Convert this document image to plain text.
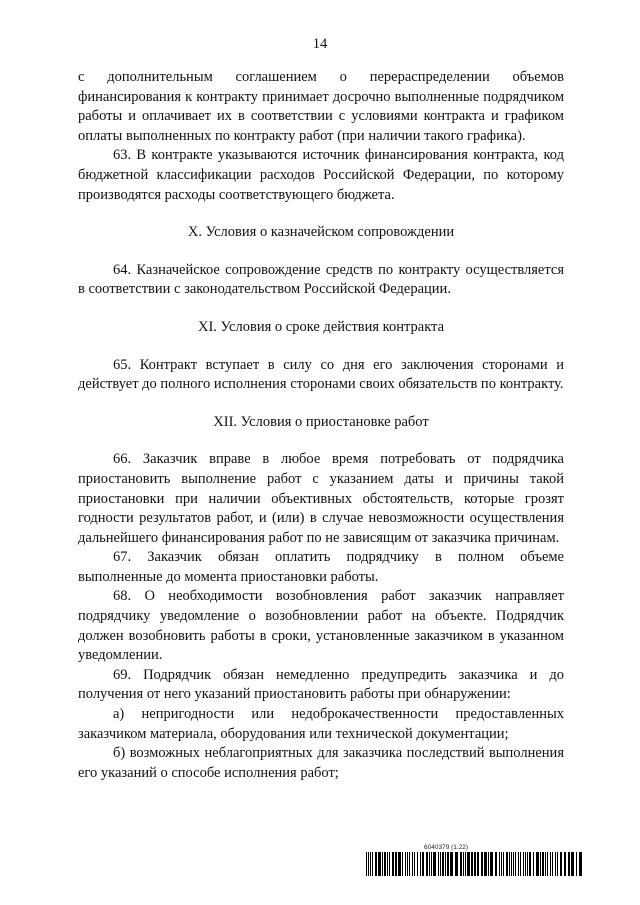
14

с дополнительным соглашением о перераспределении объемов финансирования к контракту принимает досрочно выполненные подрядчиком работы и оплачивает их в соответствии с условиями контракта и графиком оплаты выполненных по контракту работ (при наличии такого графика).

63. В контракте указываются источник финансирования контракта, код бюджетной классификации расходов Российской Федерации, по которому производятся расходы соответствующего бюджета.

X. Условия о казначейском сопровождении

64. Казначейское сопровождение средств по контракту осуществляется в соответствии с законодательством Российской Федерации.

XI. Условия о сроке действия контракта

65. Контракт вступает в силу со дня его заключения сторонами и действует до полного исполнения сторонами своих обязательств по контракту.

XII. Условия о приостановке работ

66. Заказчик вправе в любое время потребовать от подрядчика приостановить выполнение работ с указанием даты и причины такой приостановки при наличии объективных обстоятельств, которые грозят годности результатов работ, и (или) в случае невозможности осуществления дальнейшего финансирования работ по не зависящим от заказчика причинам.

67. Заказчик обязан оплатить подрядчику в полном объеме выполненные до момента приостановки работы.

68. О необходимости возобновления работ заказчик направляет подрядчику уведомление о возобновлении работ на объекте. Подрядчик должен возобновить работы в сроки, установленные заказчиком в указанном уведомлении.

69. Подрядчик обязан немедленно предупредить заказчика и до получения от него указаний приостановить работы при обнаружении:

а) непригодности или недоброкачественности предоставленных заказчиком материала, оборудования или технической документации;

б) возможных неблагоприятных для заказчика последствий выполнения его указаний о способе исполнения работ;

6040379 (1.22)
